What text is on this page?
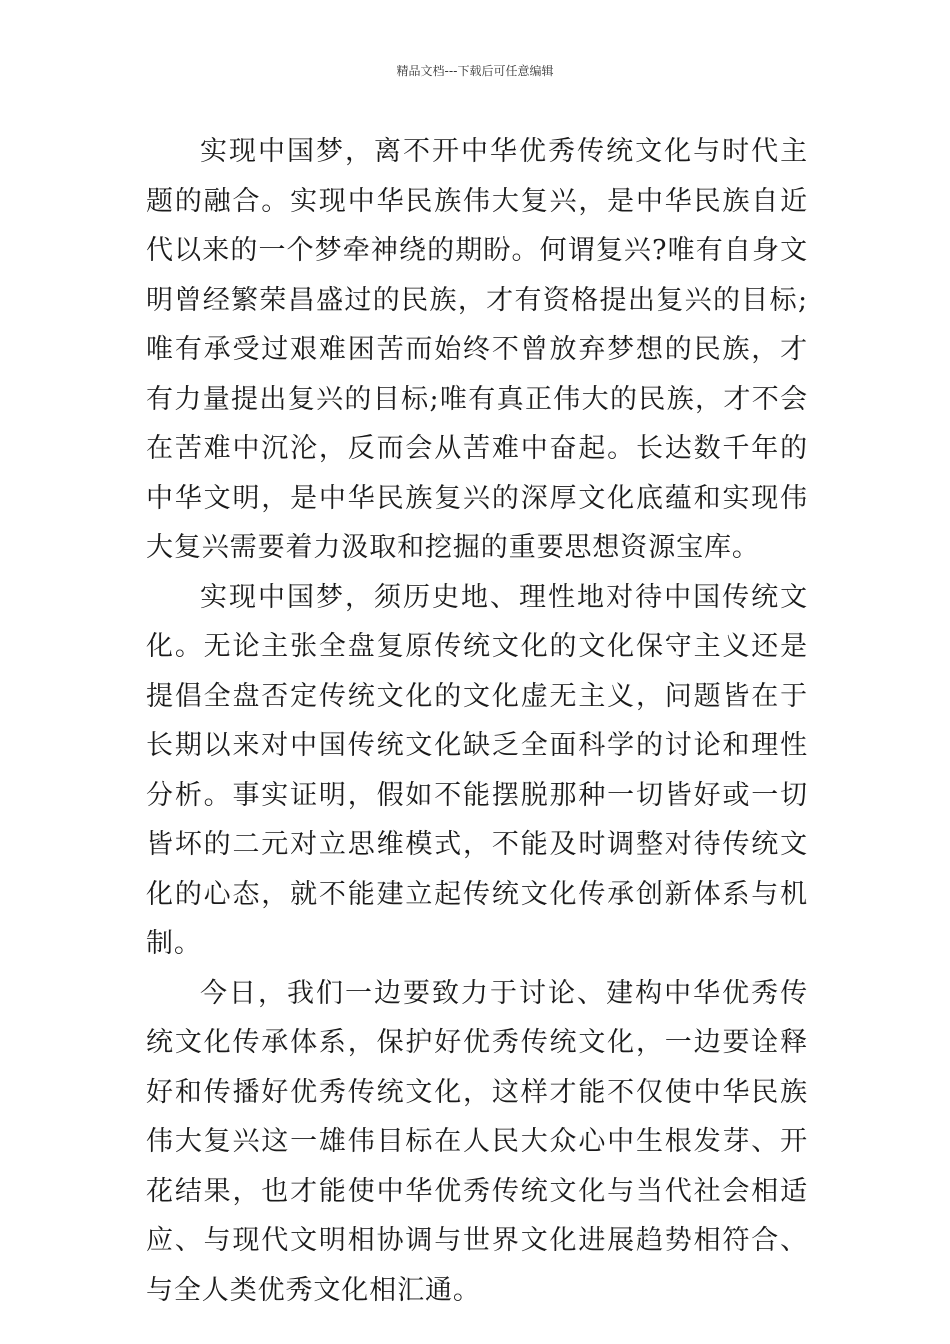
精品文档---下载后可任意编辑

实现中国梦，离不开中华优秀传统文化与时代主题的融合。实现中华民族伟大复兴，是中华民族自近代以来的一个梦牵神绕的期盼。何谓复兴?唯有自身文明曾经繁荣昌盛过的民族，才有资格提出复兴的目标;唯有承受过艰难困苦而始终不曾放弃梦想的民族，才有力量提出复兴的目标;唯有真正伟大的民族，才不会在苦难中沉沦，反而会从苦难中奋起。长达数千年的中华文明，是中华民族复兴的深厚文化底蕴和实现伟大复兴需要着力汲取和挖掘的重要思想资源宝库。

实现中国梦，须历史地、理性地对待中国传统文化。无论主张全盘复原传统文化的文化保守主义还是提倡全盘否定传统文化的文化虚无主义，问题皆在于长期以来对中国传统文化缺乏全面科学的讨论和理性分析。事实证明，假如不能摆脱那种一切皆好或一切皆坏的二元对立思维模式，不能及时调整对待传统文化的心态，就不能建立起传统文化传承创新体系与机制。

今日，我们一边要致力于讨论、建构中华优秀传统文化传承体系，保护好优秀传统文化，一边要诠释好和传播好优秀传统文化，这样才能不仅使中华民族伟大复兴这一雄伟目标在人民大众心中生根发芽、开花结果，也才能使中华优秀传统文化与当代社会相适应、与现代文明相协调与世界文化进展趋势相符合、与全人类优秀文化相汇通。
